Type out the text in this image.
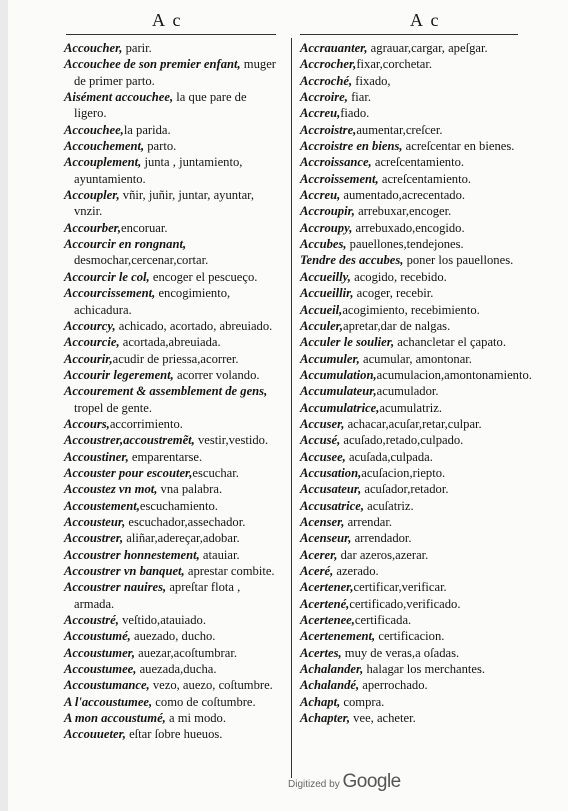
A c	A c
Accoucher, parir.
Accouchee de son premier enfant, muger de primer parto.
Aisément accouchee, la que pare de ligero.
Accouchee,la parida.
Accouchement, parto.
Accouplement, junta , juntamiento, ayuntamiento.
Accoupler, vñir, juñir, juntar, ayuntar, vnzir.
Accourber,encoruar.
Accourcir en rongnant, desmochar,cercenar,cortar.
Accourcir le col, encoger el pescueço.
Accourcissement, encogimiento, achicadura.
Accourcy, achicado, acortado, abreuiado.
Accourcie, acortada,abreuiada.
Accourir,acudir de priessa,acorrer.
Accourir legerement, acorrer volando.
Accourement & assemblement de gens, tropel de gente.
Accours,accorrimiento.
Accoustrer,accoustremẽt, vestir,vestido.
Accoustiner, emparentarse.
Accouster pour escouter,escuchar.
Accoustez vn mot, vna palabra.
Accoustement,escuchamiento.
Accousteur, escuchador,assechador.
Accoustrer, aliñar,adereçar,adobar.
Accoustrer honnestement, atauiar.
Accoustrer vn banquet, aprestar combite.
Accoustrer nauires, apreſtar flota , armada.
Accoustré, veſtido,atauiado.
Accoustumé, auezado, ducho.
Accoustumer, auezar,acoſtumbrar.
Accoustumee, auezada,ducha.
Accoustumance, vezo, auezo, coſtumbre.
A l'accoustumee, como de coſtumbre.
A mon accoustumé, a mi modo.
Accouueter, eſtar ſobre hueuos.
Accrauanter, agrauar,cargar, apeſgar.
Accrocher,fixar,corchetar.
Accroché, fixado,
Accroire, fiar.
Accreu,fiado.
Accroistre,aumentar,creſcer.
Accroistre en biens, acreſcentar en bienes.
Accroissance, acreſcentamiento.
Accroissement, acreſcentamiento.
Accreu, aumentado,acrecentado.
Accroupir, arrebuxar,encoger.
Accroupy, arrebuxado,encogido.
Accubes, pauellones,tendejones.
Tendre des accubes, poner los pauellones.
Accueilly, acogido, recebido.
Accueillir, acoger, recebir.
Accueil,acogimiento, recebimiento.
Acculer,apretar,dar de nalgas.
Acculer le soulier, achancletar el çapato.
Accumuler, acumular, amontonar.
Accumulation,acumulacion,amontonamiento.
Accumulateur,acumulador.
Accumulatrice,acumulatriz.
Accuser, achacar,acuſar,retar,culpar.
Accusé, acuſado,retado,culpado.
Accusee, acuſada,culpada.
Accusation,acuſacion,riepto.
Accusateur, acuſador,retador.
Accusatrice, acuſatriz.
Acenser, arrendar.
Acenseur, arrendador.
Acerer, dar azeros,azerar.
Aceré, azerado.
Acertener,certificar,verificar.
Acertené,certificado,verificado.
Acertenee,certificada.
Acertenement, certificacion.
Acertes, muy de veras,a oſadas.
Achalander, halagar los merchantes.
Achalandé, aperrochado.
Achapt, compra.
Achapter, vee, acheter.
Digitized by Google
